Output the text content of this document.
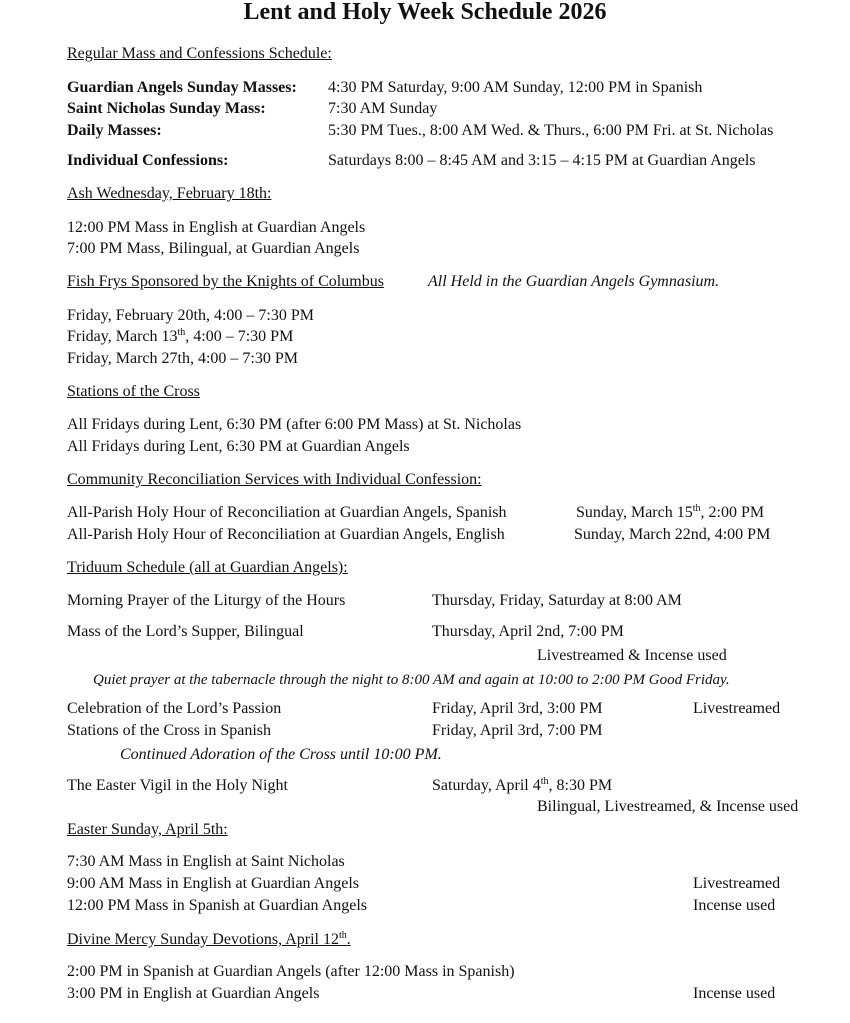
Lent and Holy Week Schedule 2026
Regular Mass and Confessions Schedule:
Guardian Angels Sunday Masses: 4:30 PM Saturday, 9:00 AM Sunday, 12:00 PM in Spanish
Saint Nicholas Sunday Mass:	7:30 AM Sunday
Daily Masses:	5:30 PM Tues., 8:00 AM Wed. & Thurs., 6:00 PM Fri. at St. Nicholas
Individual Confessions:	Saturdays 8:00 – 8:45 AM and 3:15 – 4:15 PM at Guardian Angels
Ash Wednesday, February 18th:
12:00 PM Mass in English at Guardian Angels
7:00 PM Mass, Bilingual, at Guardian Angels
Fish Frys Sponsored by the Knights of Columbus	All Held in the Guardian Angels Gymnasium.
Friday, February 20th, 4:00 – 7:30 PM
Friday, March 13th, 4:00 – 7:30 PM
Friday, March 27th, 4:00 – 7:30 PM
Stations of the Cross
All Fridays during Lent, 6:30 PM (after 6:00 PM Mass) at St. Nicholas
All Fridays during Lent, 6:30 PM at Guardian Angels
Community Reconciliation Services with Individual Confession:
All-Parish Holy Hour of Reconciliation at Guardian Angels, Spanish	Sunday, March 15th, 2:00 PM
All-Parish Holy Hour of Reconciliation at Guardian Angels, English	Sunday, March 22nd, 4:00 PM
Triduum Schedule (all at Guardian Angels):
Morning Prayer of the Liturgy of the Hours	Thursday, Friday, Saturday at 8:00 AM
Mass of the Lord’s Supper, Bilingual	Thursday, April 2nd, 7:00 PM
Livestreamed & Incense used
Quiet prayer at the tabernacle through the night to 8:00 AM and again at 10:00 to 2:00 PM Good Friday.
Celebration of the Lord’s Passion	Friday, April 3rd, 3:00 PM	Livestreamed
Stations of the Cross in Spanish	Friday, April 3rd, 7:00 PM
Continued Adoration of the Cross until 10:00 PM.
The Easter Vigil in the Holy Night	Saturday, April 4th, 8:30 PM
Bilingual, Livestreamed, & Incense used
Easter Sunday, April 5th:
7:30 AM Mass in English at Saint Nicholas
9:00 AM Mass in English at Guardian Angels	Livestreamed
12:00 PM Mass in Spanish at Guardian Angels	Incense used
Divine Mercy Sunday Devotions, April 12th.
2:00 PM in Spanish at Guardian Angels (after 12:00 Mass in Spanish)
3:00 PM in English at Guardian Angels	Incense used
